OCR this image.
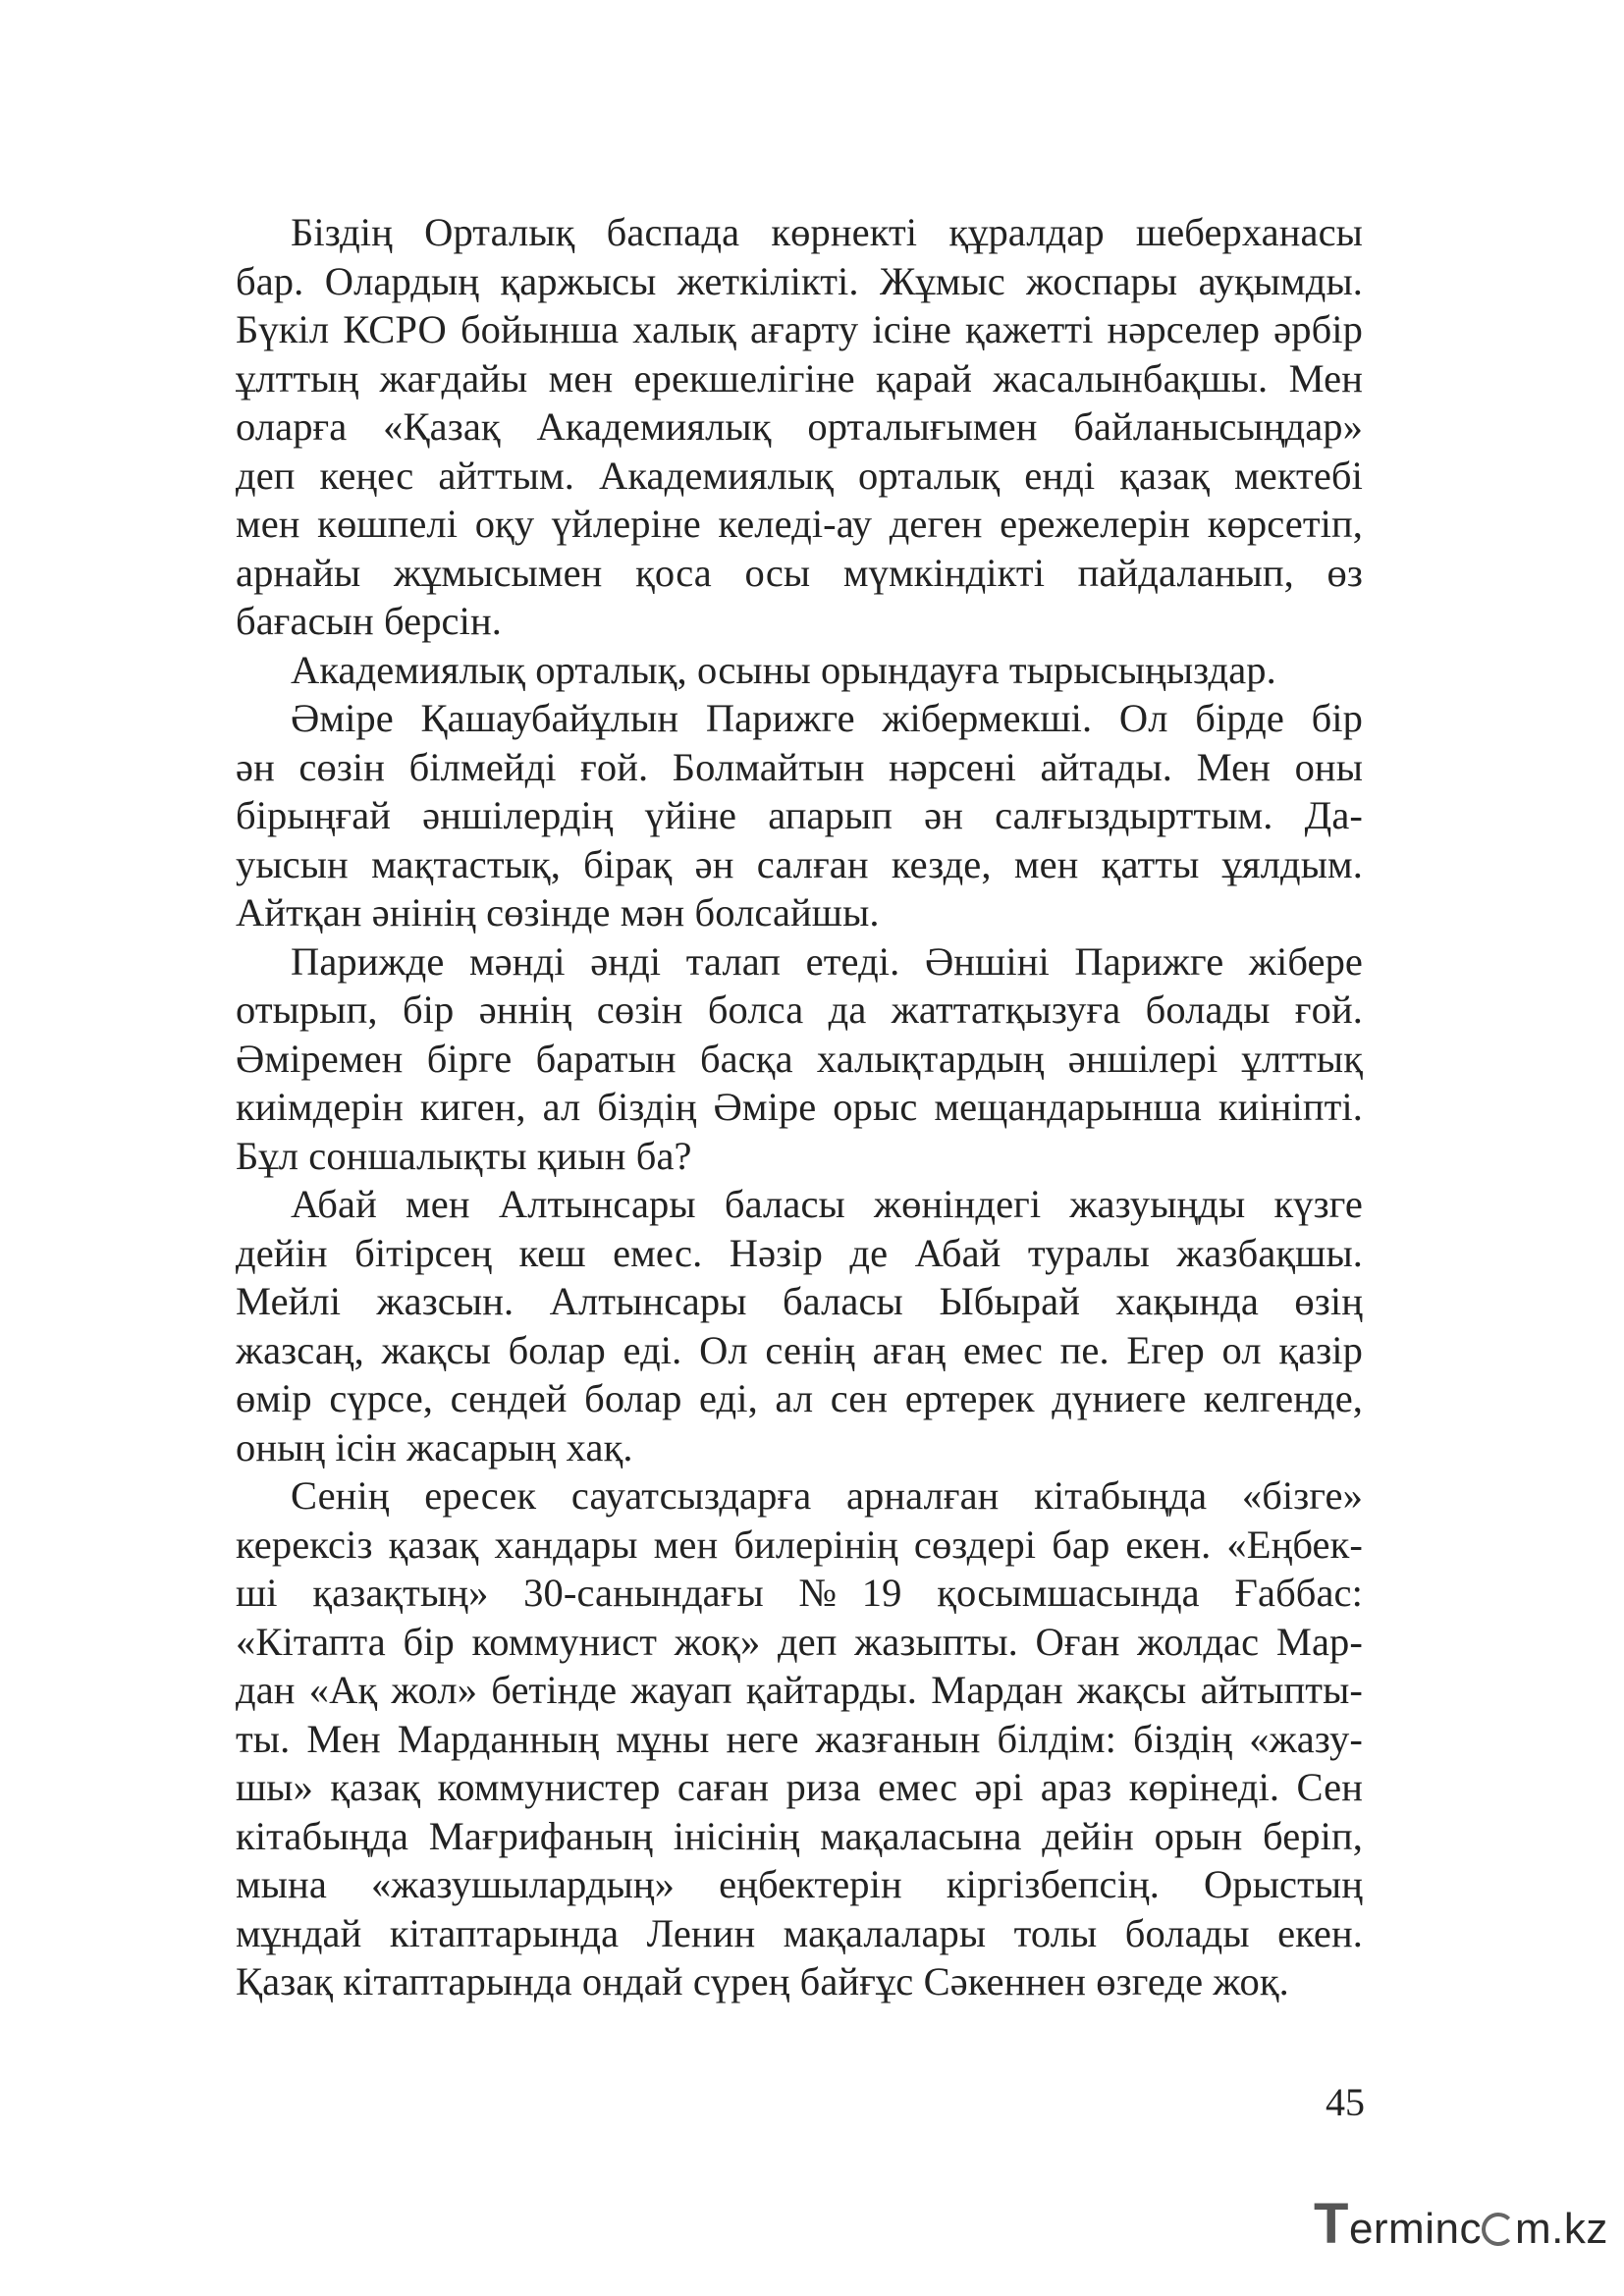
Біздің Орталық баспада көрнекті құралдар шеберханасы
бар. Олардың қаржысы жеткілікті. Жұмыс жоспары ауқымды.
Бүкіл КСРО бойынша халық ағарту ісіне қажетті нәрселер әрбір
ұлттың жағдайы мен ерекшелігіне қарай жасалынбақшы. Мен
оларға «Қазақ Академиялық орталығымен байланысыңдар»
деп кеңес айттым. Академиялық орталық енді қазақ мектебі
мен көшпелі оқу үйлеріне келеді-ау деген ережелерін көрсетіп,
арнайы жұмысымен қоса осы мүмкіндікті пайдаланып, өз
бағасын берсін.
Академиялық орталық, осыны орындауға тырысыңыздар.
Әміре Қашаубайұлын Парижге жібермекші. Ол бірде бір
ән сөзін білмейді ғой. Болмайтын нәрсені айтады. Мен оны
бірыңғай әншілердің үйіне апарып ән салғыздырттым. Да-
уысын мақтастық, бірақ ән салған кезде, мен қатты ұялдым.
Айтқан әнінің сөзінде мән болсайшы.
Парижде мәнді әнді талап етеді. Әншіні Парижге жібере
отырып, бір әннің сөзін болса да жаттатқызуға болады ғой.
Әміремен бірге баратын басқа халықтардың әншілері ұлттық
киімдерін киген, ал біздің Әміре орыс мещандарынша киініпті.
Бұл соншалықты қиын ба?
Абай мен Алтынсары баласы жөніндегі жазуыңды күзге
дейін бітірсең кеш емес. Нәзір де Абай туралы жазбақшы.
Мейлі жазсын. Алтынсары баласы Ыбырай хақында өзің
жазсаң, жақсы болар еді. Ол сенің ағаң емес пе. Егер ол қазір
өмір сүрсе, сендей болар еді, ал сен ертерек дүниеге келгенде,
оның ісін жасарың хақ.
Сенің ересек сауатсыздарға арналған кітабыңда «бізге»
керексіз қазақ хандары мен билерінің сөздері бар екен. «Еңбек-
ші қазақтың» 30-санындағы №19 қосымшасында Ғаббас:
«Кітапта бір коммунист жоқ» деп жазыпты. Оған жолдас Мар-
дан «Ақ жол» бетінде жауап қайтарды. Мардан жақсы айтыпты-
ты. Мен Марданның мұны неге жазғанын білдім: біздің «жазу-
шы» қазақ коммунистер саған риза емес әрі араз көрінеді. Сен
кітабыңда Мағрифаның інісінің мақаласына дейін орын беріп,
мына «жазушылардың» еңбектерін кіргізбепсің. Орыстың
мұндай кітаптарында Ленин мақалалары толы болады екен.
Қазақ кітаптарында ондай сүрең байғұс Сәкеннен өзгеде жоқ.
45
Terminc m.kz
